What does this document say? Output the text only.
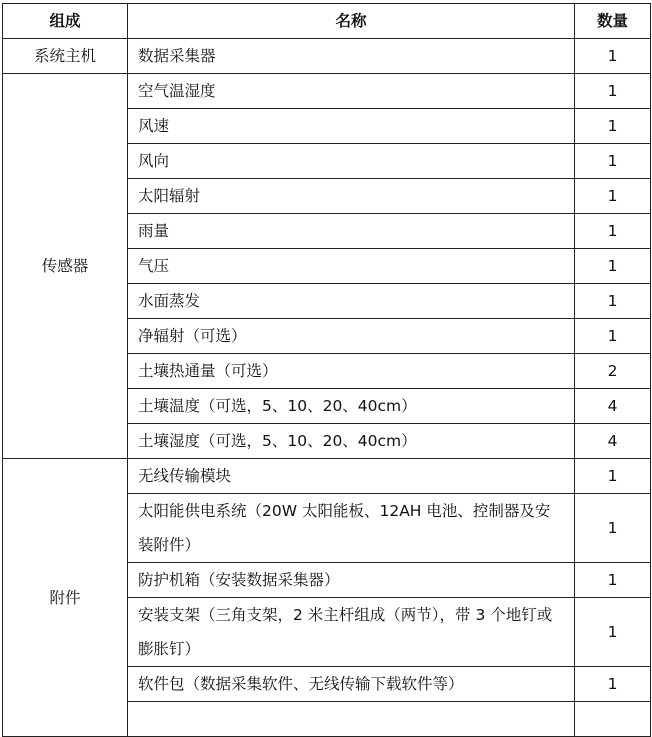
组成	名称	数量
系统主机	数据采集器	1
传感器	空气温湿度	1
	风速	1
	风向	1
	太阳辐射	1
	雨量	1
	气压	1
	水面蒸发	1
	净辐射（可选）	1
	土壤热通量（可选）	2
	土壤温度（可选，5、10、20、40cm）	4
	土壤湿度（可选，5、10、20、40cm）	4
附件	无线传输模块	1
	太阳能供电系统（20W 太阳能板、12AH 电池、控制器及安装附件）	1
	防护机箱（安装数据采集器）	1
	安装支架（三角支架，2 米主杆组成（两节），带 3 个地钉或膨胀钉）	1
	软件包（数据采集软件、无线传输下载软件等）	1
